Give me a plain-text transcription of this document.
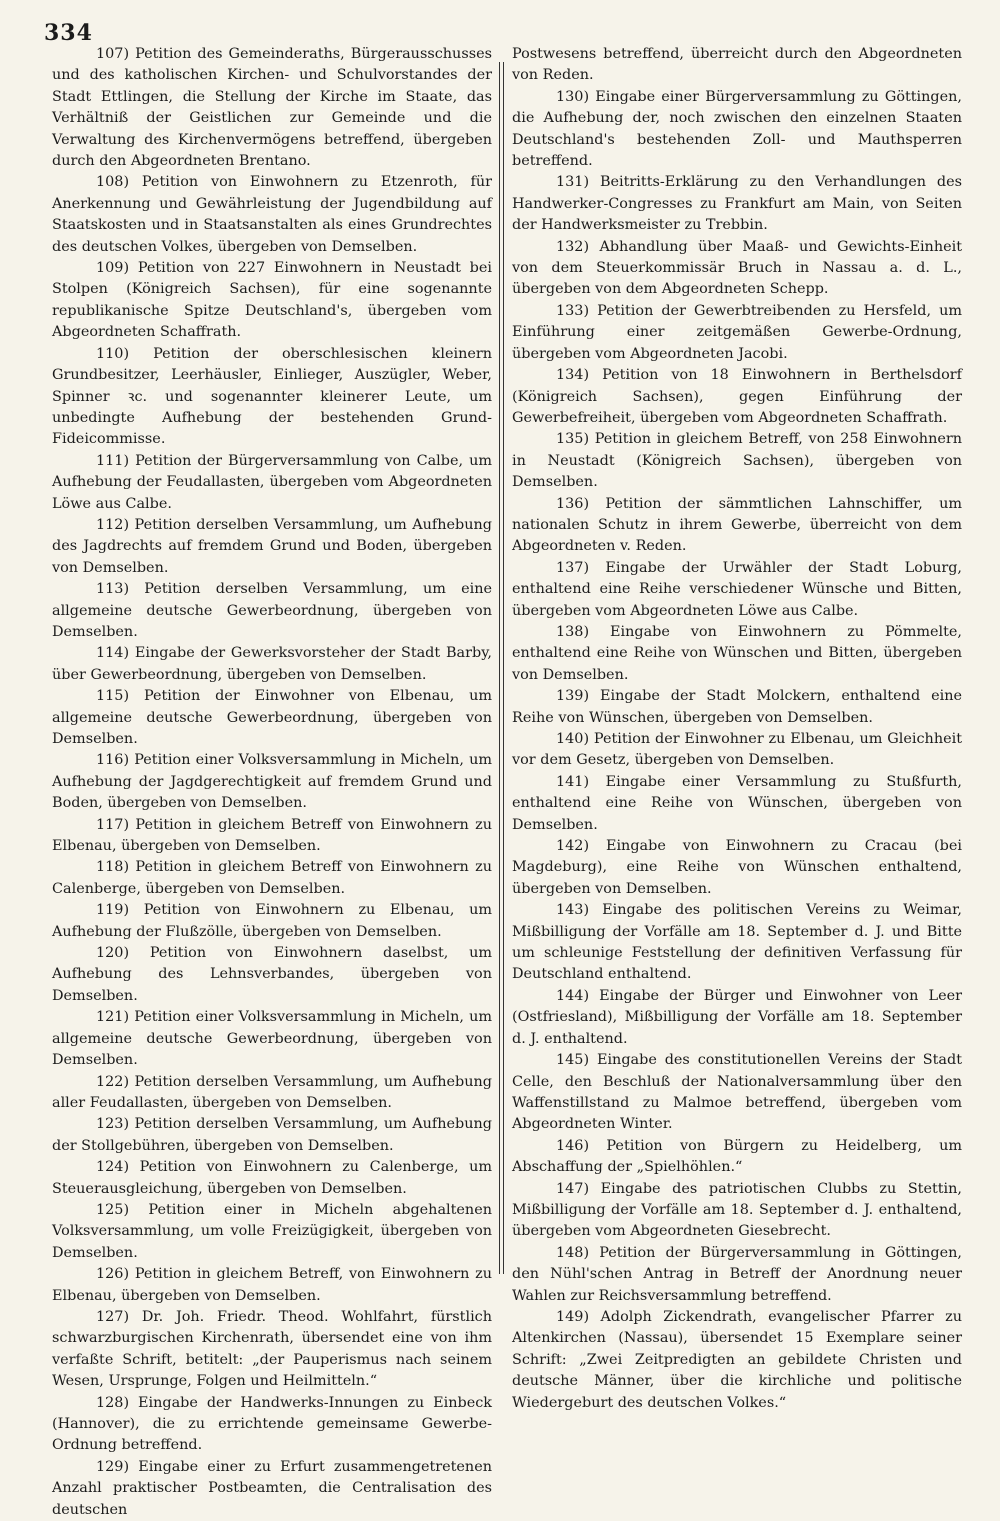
334

107) Petition des Gemeinderaths, Bürgerausschusses und des katholischen Kirchen- und Schulvorstandes der Stadt Ettlingen, die Stellung der Kirche im Staate, das Verhältniß der Geistlichen zur Gemeinde und die Verwaltung des Kirchenvermögens betreffend, übergeben durch den Abgeordneten Brentano.

108) Petition von Einwohnern zu Etzenroth, für Anerkennung und Gewährleistung der Jugendbildung auf Staatskosten und in Staatsanstalten als eines Grundrechtes des deutschen Volkes, übergeben von Demselben.

109) Petition von 227 Einwohnern in Neustadt bei Stolpen (Königreich Sachsen), für eine sogenannte republikanische Spitze Deutschland's, übergeben vom Abgeordneten Schaffrath.

110) Petition der oberschlesischen kleinern Grundbesitzer, Leerhäusler, Einlieger, Auszügler, Weber, Spinner ꝛc. und sogenannter kleinerer Leute, um unbedingte Aufhebung der bestehenden Grund-Fideicommisse.

111) Petition der Bürgerversammlung von Calbe, um Aufhebung der Feudallasten, übergeben vom Abgeordneten Löwe aus Calbe.

112) Petition derselben Versammlung, um Aufhebung des Jagdrechts auf fremdem Grund und Boden, übergeben von Demselben.

113) Petition derselben Versammlung, um eine allgemeine deutsche Gewerbeordnung, übergeben von Demselben.

114) Eingabe der Gewerksvorsteher der Stadt Barby, über Gewerbeordnung, übergeben von Demselben.

115) Petition der Einwohner von Elbenau, um allgemeine deutsche Gewerbeordnung, übergeben von Demselben.

116) Petition einer Volksversammlung in Micheln, um Aufhebung der Jagdgerechtigkeit auf fremdem Grund und Boden, übergeben von Demselben.

117) Petition in gleichem Betreff von Einwohnern zu Elbenau, übergeben von Demselben.

118) Petition in gleichem Betreff von Einwohnern zu Calenberge, übergeben von Demselben.

119) Petition von Einwohnern zu Elbenau, um Aufhebung der Flußzölle, übergeben von Demselben.

120) Petition von Einwohnern daselbst, um Aufhebung des Lehnsverbandes, übergeben von Demselben.

121) Petition einer Volksversammlung in Micheln, um allgemeine deutsche Gewerbeordnung, übergeben von Demselben.

122) Petition derselben Versammlung, um Aufhebung aller Feudallasten, übergeben von Demselben.

123) Petition derselben Versammlung, um Aufhebung der Stollgebühren, übergeben von Demselben.

124) Petition von Einwohnern zu Calenberge, um Steuerausgleichung, übergeben von Demselben.

125) Petition einer in Micheln abgehaltenen Volksversammlung, um volle Freizügigkeit, übergeben von Demselben.

126) Petition in gleichem Betreff, von Einwohnern zu Elbenau, übergeben von Demselben.

127) Dr. Joh. Friedr. Theod. Wohlfahrt, fürstlich schwarzburgischen Kirchenrath, übersendet eine von ihm verfaßte Schrift, betitelt: „der Pauperismus nach seinem Wesen, Ursprunge, Folgen und Heilmitteln.“

128) Eingabe der Handwerks-Innungen zu Einbeck (Hannover), die zu errichtende gemeinsame Gewerbe-Ordnung betreffend.

129) Eingabe einer zu Erfurt zusammengetretenen Anzahl praktischer Postbeamten, die Centralisation des deutschen

Postwesens betreffend, überreicht durch den Abgeordneten von Reden.

130) Eingabe einer Bürgerversammlung zu Göttingen, die Aufhebung der, noch zwischen den einzelnen Staaten Deutschland's bestehenden Zoll- und Mauthsperren betreffend.

131) Beitritts-Erklärung zu den Verhandlungen des Handwerker-Congresses zu Frankfurt am Main, von Seiten der Handwerksmeister zu Trebbin.

132) Abhandlung über Maaß- und Gewichts-Einheit von dem Steuerkommissär Bruch in Nassau a. d. L., übergeben von dem Abgeordneten Schepp.

133) Petition der Gewerbtreibenden zu Hersfeld, um Einführung einer zeitgemäßen Gewerbe-Ordnung, übergeben vom Abgeordneten Jacobi.

134) Petition von 18 Einwohnern in Berthelsdorf (Königreich Sachsen), gegen Einführung der Gewerbefreiheit, übergeben vom Abgeordneten Schaffrath.

135) Petition in gleichem Betreff, von 258 Einwohnern in Neustadt (Königreich Sachsen), übergeben von Demselben.

136) Petition der sämmtlichen Lahnschiffer, um nationalen Schutz in ihrem Gewerbe, überreicht von dem Abgeordneten v. Reden.

137) Eingabe der Urwähler der Stadt Loburg, enthaltend eine Reihe verschiedener Wünsche und Bitten, übergeben vom Abgeordneten Löwe aus Calbe.

138) Eingabe von Einwohnern zu Pömmelte, enthaltend eine Reihe von Wünschen und Bitten, übergeben von Demselben.

139) Eingabe der Stadt Molckern, enthaltend eine Reihe von Wünschen, übergeben von Demselben.

140) Petition der Einwohner zu Elbenau, um Gleichheit vor dem Gesetz, übergeben von Demselben.

141) Eingabe einer Versammlung zu Stußfurth, enthaltend eine Reihe von Wünschen, übergeben von Demselben.

142) Eingabe von Einwohnern zu Cracau (bei Magdeburg), eine Reihe von Wünschen enthaltend, übergeben von Demselben.

143) Eingabe des politischen Vereins zu Weimar, Mißbilligung der Vorfälle am 18. September d. J. und Bitte um schleunige Feststellung der definitiven Verfassung für Deutschland enthaltend.

144) Eingabe der Bürger und Einwohner von Leer (Ostfriesland), Mißbilligung der Vorfälle am 18. September d. J. enthaltend.

145) Eingabe des constitutionellen Vereins der Stadt Celle, den Beschluß der Nationalversammlung über den Waffenstillstand zu Malmoe betreffend, übergeben vom Abgeordneten Winter.

146) Petition von Bürgern zu Heidelberg, um Abschaffung der „Spielhöhlen.“

147) Eingabe des patriotischen Clubbs zu Stettin, Mißbilligung der Vorfälle am 18. September d. J. enthaltend, übergeben vom Abgeordneten Giesebrecht.

148) Petition der Bürgerversammlung in Göttingen, den Nühl'schen Antrag in Betreff der Anordnung neuer Wahlen zur Reichsversammlung betreffend.

149) Adolph Zickendrath, evangelischer Pfarrer zu Altenkirchen (Nassau), übersendet 15 Exemplare seiner Schrift: „Zwei Zeitpredigten an gebildete Christen und deutsche Männer, über die kirchliche und politische Wiedergeburt des deutschen Volkes.“
